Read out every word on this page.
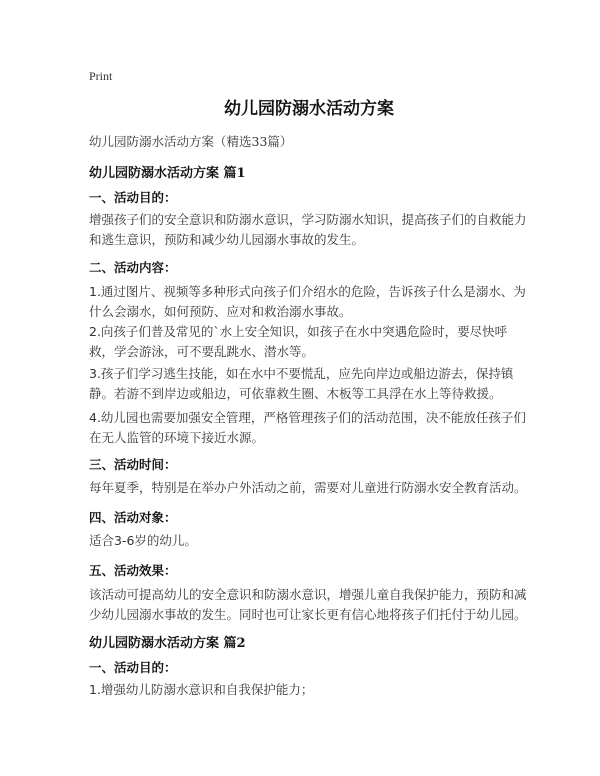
Print
幼儿园防溺水活动方案
幼儿园防溺水活动方案（精选33篇）
幼儿园防溺水活动方案 篇1
一、活动目的：

增强孩子们的安全意识和防溺水意识，学习防溺水知识，提高孩子们的自救能力和逃生意识，预防和减少幼儿园溺水事故的发生。

二、活动内容：

1.通过图片、视频等多种形式向孩子们介绍水的危险，告诉孩子什么是溺水、为什么会溺水，如何预防、应对和救治溺水事故。

2.向孩子们普及常见的`水上安全知识，如孩子在水中突遇危险时，要尽快呼救，学会游泳，可不要乱跳水、潜水等。

3.孩子们学习逃生技能，如在水中不要慌乱，应先向岸边或船边游去，保持镇静。若游不到岸边或船边，可依靠救生圈、木板等工具浮在水上等待救援。

4.幼儿园也需要加强安全管理，严格管理孩子们的活动范围，决不能放任孩子们在无人监管的环境下接近水源。

三、活动时间：

每年夏季，特别是在举办户外活动之前，需要对儿童进行防溺水安全教育活动。

四、活动对象：

适合3-6岁的幼儿。

五、活动效果：

该活动可提高幼儿的安全意识和防溺水意识，增强儿童自我保护能力，预防和减少幼儿园溺水事故的发生。同时也可让家长更有信心地将孩子们托付于幼儿园。

幼儿园防溺水活动方案 篇2
一、活动目的：

1.增强幼儿防溺水意识和自我保护能力；
